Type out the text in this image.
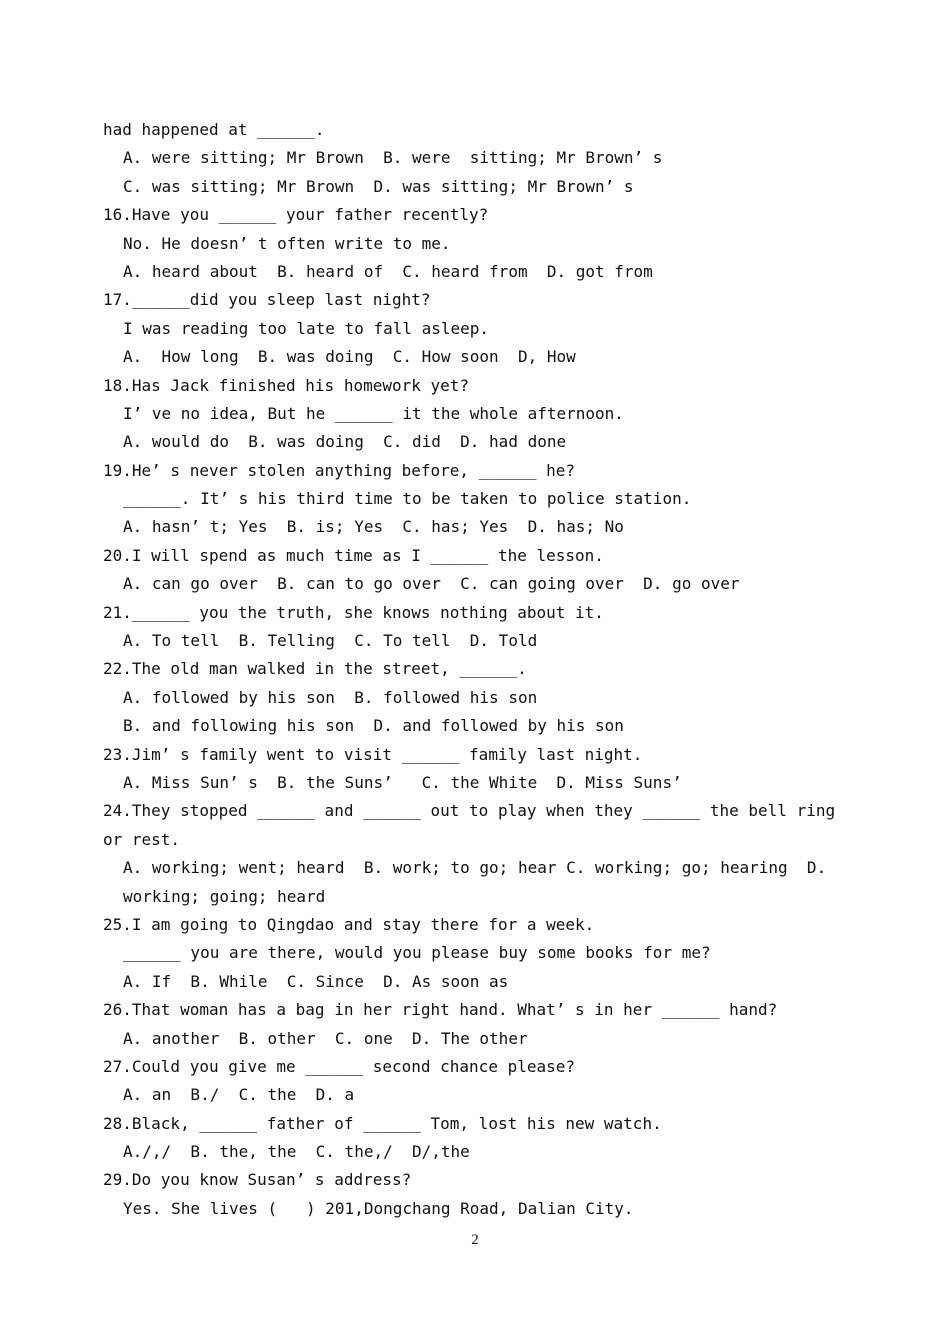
had happened at ______.
A. were sitting; Mr Brown  B. were  sitting; Mr Brown’ s
C. was sitting; Mr Brown  D. was sitting; Mr Brown’ s
16.Have you ______ your father recently?
No. He doesn’ t often write to me.
A. heard about  B. heard of  C. heard from  D. got from
17.______did you sleep last night?
I was reading too late to fall asleep.
A.  How long  B. was doing  C. How soon  D, How
18.Has Jack finished his homework yet?
I’ ve no idea, But he ______ it the whole afternoon.
A. would do  B. was doing  C. did  D. had done
19.He’ s never stolen anything before, ______ he?
______. It’ s his third time to be taken to police station.
A. hasn’ t; Yes  B. is; Yes  C. has; Yes  D. has; No
20.I will spend as much time as I ______ the lesson.
A. can go over  B. can to go over  C. can going over  D. go over
21.______ you the truth, she knows nothing about it.
A. To tell  B. Telling  C. To tell  D. Told
22.The old man walked in the street, ______.
A. followed by his son  B. followed his son
B. and following his son  D. and followed by his son
23.Jim’ s family went to visit ______ family last night.
A. Miss Sun’ s  B. the Suns’   C. the White  D. Miss Suns’
24.They stopped ______ and ______ out to play when they ______ the bell ring
or rest.
A. working; went; heard  B. work; to go; hear C. working; go; hearing  D.
working; going; heard
25.I am going to Qingdao and stay there for a week.
______ you are there, would you please buy some books for me?
A. If  B. While  C. Since  D. As soon as
26.That woman has a bag in her right hand. What’ s in her ______ hand?
A. another  B. other  C. one  D. The other
27.Could you give me ______ second chance please?
A. an  B./  C. the  D. a
28.Black, ______ father of ______ Tom, lost his new watch.
A./,/  B. the, the  C. the,/  D/,the
29.Do you know Susan’ s address?
Yes. She lives (   ) 201,Dongchang Road, Dalian City.
2
